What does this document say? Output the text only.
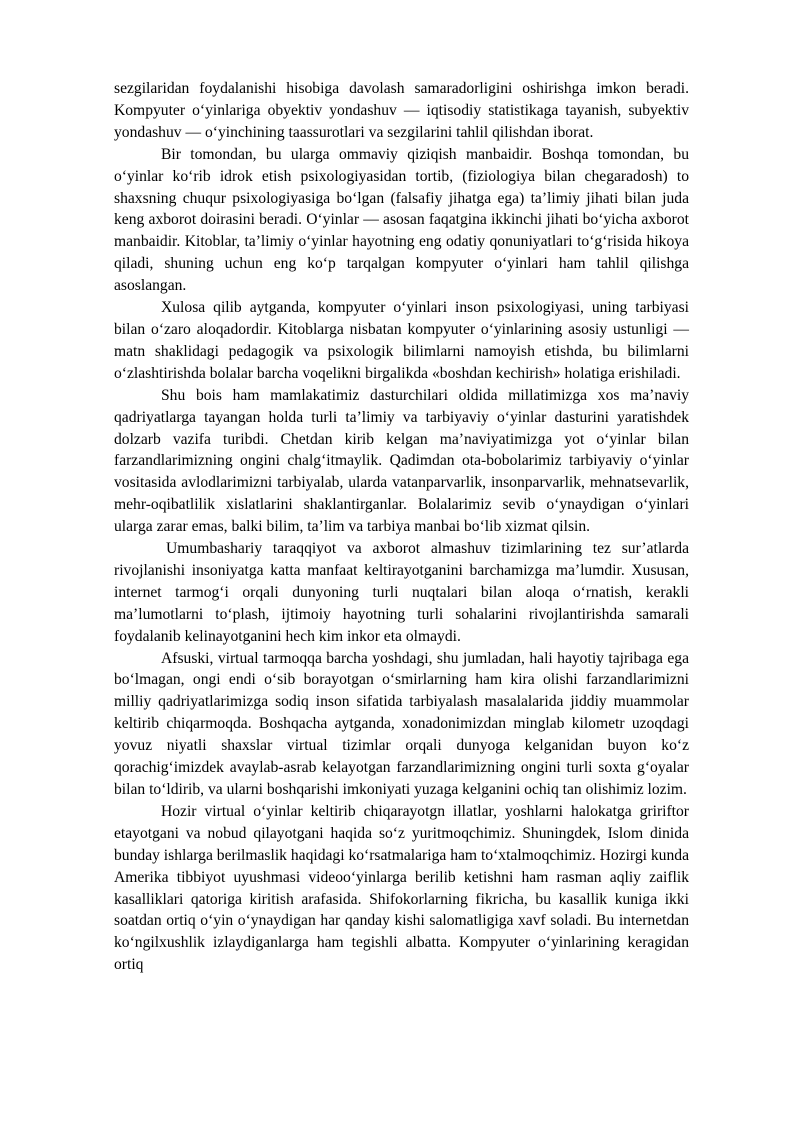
sezgilaridan foydalanishi hisobiga davolash samaradorligini oshirishga imkon beradi. Kompyuter o‘yinlariga obyektiv yondashuv — iqtisodiy statistikaga tayanish, subyektiv yondashuv — o‘yinchining taassurotlari va sezgilarini tahlil qilishdan iborat.

Bir tomondan, bu ularga ommaviy qiziqish manbaidir. Boshqa tomondan, bu o‘yinlar ko‘rib idrok etish psixologiyasidan tortib, (fiziologiya bilan chegaradosh) to shaxsning chuqur psixologiyasiga bo‘lgan (falsafiy jihatga ega) ta’limiy jihati bilan juda keng axborot doirasini beradi. O‘yinlar — asosan faqatgina ikkinchi jihati bo‘yicha axborot manbaidir. Kitoblar, ta’limiy o‘yinlar hayotning eng odatiy qonuniyatlari to‘g‘risida hikoya qiladi, shuning uchun eng ko‘p tarqalgan kompyuter o‘yinlari ham tahlil qilishga asoslangan.

Xulosa qilib aytganda, kompyuter o‘yinlari inson psixologiyasi, uning tarbiyasi bilan o‘zaro aloqadordir. Kitoblarga nisbatan kompyuter o‘yinlarining asosiy ustunligi — matn shaklidagi pedagogik va psixologik bilimlarni namoyish etishda, bu bilimlarni o‘zlashtirishda bolalar barcha voqelikni birgalikda «boshdan kechirish» holatiga erishiladi.

Shu bois ham mamlakatimiz dasturchilari oldida millatimizga xos ma’naviy qadriyatlarga tayangan holda turli ta’limiy va tarbiyaviy o‘yinlar dasturini yaratishdek dolzarb vazifa turibdi. Chetdan kirib kelgan ma’naviyatimizga yot o‘yinlar bilan farzandlarimizning ongini chalg‘itmaylik. Qadimdan ota-bobolarimiz tarbiyaviy o‘yinlar vositasida avlodlarimizni tarbiyalab, ularda vatanparvarlik, insonparvarlik, mehnatsevarlik, mehr-oqibatlilik xislatlarini shaklantirganlar. Bolalarimiz sevib o‘ynaydigan o‘yinlari ularga zarar emas, balki bilim, ta’lim va tarbiya manbai bo‘lib xizmat qilsin.

Umumbashariy taraqqiyot va axborot almashuv tizimlarining tez sur’atlarda rivojlanishi insoniyatga katta manfaat keltirayotganini barchamizga ma’lumdir. Xususan, internet tarmog‘i orqali dunyoning turli nuqtalari bilan aloqa o‘rnatish, kerakli ma’lumotlarni to‘plash, ijtimoiy hayotning turli sohalarini rivojlantirishda samarali foydalanib kelinayotganini hech kim inkor eta olmaydi.

Afsuski, virtual tarmoqqa barcha yoshdagi, shu jumladan, hali hayotiy tajribaga ega bo‘lmagan, ongi endi o‘sib borayotgan o‘smirlarning ham kira olishi farzandlarimizni milliy qadriyatlarimizga sodiq inson sifatida tarbiyalash masalalarida jiddiy muammolar keltirib chiqarmoqda. Boshqacha aytganda, xonadonimizdan minglab kilometr uzoqdagi yovuz niyatli shaxslar virtual tizimlar orqali dunyoga kelganidan buyon ko‘z qorachig‘imizdek avaylab-asrab kelayotgan farzandlarimizning ongini turli soxta g‘oyalar bilan to‘ldirib, va ularni boshqarishi imkoniyati yuzaga kelganini ochiq tan olishimiz lozim.

Hozir virtual o‘yinlar keltirib chiqarayotgn illatlar, yoshlarni halokatga gririftor etayotgani va nobud qilayotgani haqida so‘z yuritmoqchimiz. Shuningdek, Islom dinida bunday ishlarga berilmaslik haqidagi ko‘rsatmalariga ham to‘xtalmoqchimiz. Hozirgi kunda Amerika tibbiyot uyushmasi videoo‘yinlarga berilib ketishni ham rasman aqliy zaiflik kasalliklari qatoriga kiritish arafasida. Shifokorlarning fikricha, bu kasallik kuniga ikki soatdan ortiq o‘yin o‘ynaydigan har qanday kishi salomatligiga xavf soladi. Bu internetdan ko‘ngilxushlik izlaydiganlarga ham tegishli albatta. Kompyuter o‘yinlarining keragidan ortiq
